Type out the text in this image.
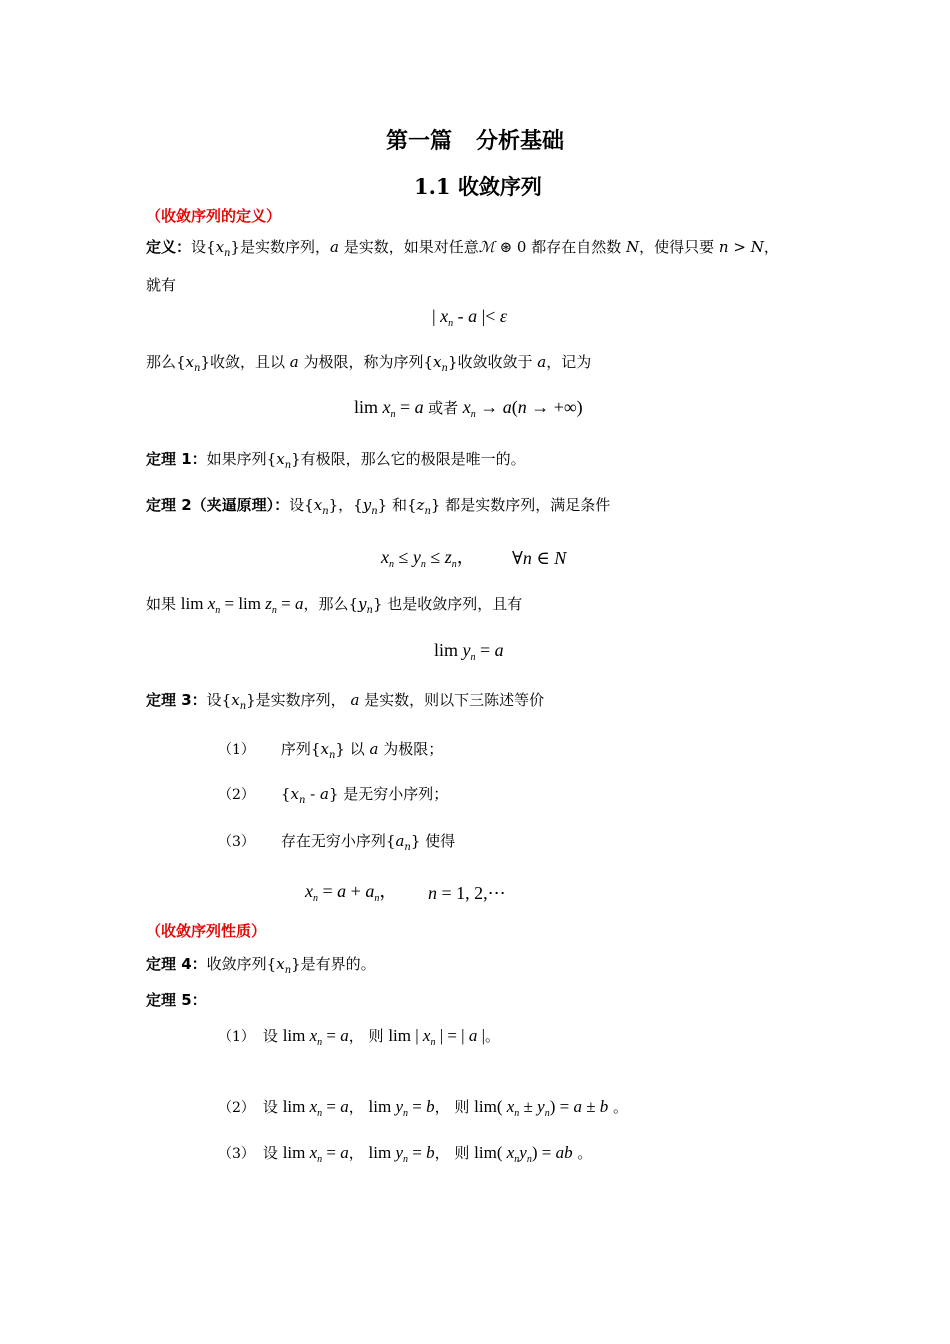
第一篇 分析基础
1.1 收敛序列
（收敛序列的定义）
定义：设$\{x_n\}$是实数序列，a 是实数，如果对任意ℳ ⊛ 0 都存在自然数 N，使得只要 n > N，
就有
| $x_n$ - a |< ε
那么$\{x_n\}$收敛，且以 a 为极限，称为序列$\{x_n\}$收敛收敛于 a，记为
$\lim x_n = a$ 或者 $x_n \to a(n$ → +∞)
定理 1：如果序列$\{x_n\}$有极限，那么它的极限是唯一的。
定理 2（夹逼原理）：设$\{x_n\}$，$\{y_n\}$ 和$\{z_n\}$ 都是实数序列，满足条件
$x_n \le y_n \le z_n$， ∀n ∈ N
如果 $\lim x_n = \lim z_n = a$，那么$\{y_n\}$ 也是收敛序列，且有
$\lim y_n = a$
定理 3：设$\{x_n\}$是实数序列， a 是实数，则以下三陈述等价
（1） 序列$\{x_n\}$ 以 a 为极限；
（2） $\{x_n - a\}$ 是无穷小序列；
（3） 存在无穷小序列$\{a_n\}$ 使得
$x_n = a + a_n$， n = 1, 2,⋯
（收敛序列性质）
定理 4：收敛序列$\{x_n\}$是有界的。
定理 5：
（1） 设 $\lim x_n = a$， 则 lim | $x_n$ | = | a |。
（2） 设 $\lim x_n = a$， $\lim y_n = b$， 则 lim( $x_n \pm y_n) = a \pm b$ 。
（3） 设 $\lim x_n = a$， $\lim y_n = b$， 则 lim( $x_ny_n$) = ab 。
